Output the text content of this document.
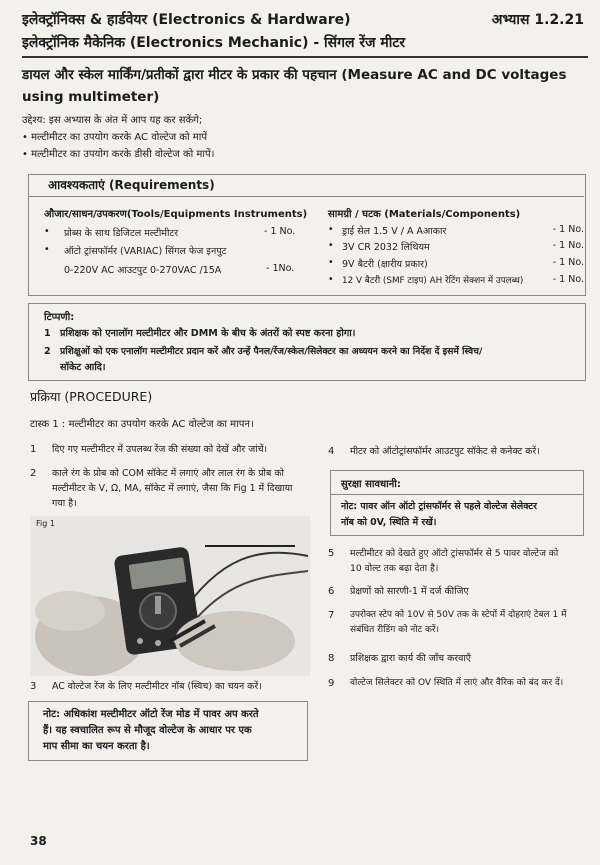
इलेक्ट्रॉनिक्स & हार्डवेयर (Electronics & Hardware)	अभ्यास 1.2.21
इलेक्ट्रॉनिक मैकेनिक (Electronics Mechanic) - सिंगल रेंज मीटर
डायल और स्केल मार्किंग/प्रतीकों द्वारा मीटर के प्रकार की पहचान (Measure AC and DC voltages
using multimeter)
उद्देश्य: इस अभ्यास के अंत में आप यह कर सकेंगे;
• मल्टीमीटर का उपयोग करके AC वोल्टेज को मापें
• मल्टीमीटर का उपयोग करके डीसी वोल्टेज को मापें।
आवश्यकताएं (Requirements)
औजार/साधन/उपकरण(Tools/Equipments Instruments) सामग्री / घटक (Materials/Components)
• प्रोब्स के साथ डिजिटल मल्टीमीटर	- 1 No.
• ऑटो ट्रांसफॉर्मर (VARIAC) सिंगल फेज इनपुट
0-220V AC आउटपुट 0-270VAC /15A	- 1No.
• ड्राई सेल 1.5 V / A Aआकार	- 1 No.
• 3V CR 2032 लिथियम	- 1 No.
• 9V बैटरी (क्षारीय प्रकार)	- 1 No.
• 12 V बैटरी (SMF टाइप) AH रेटिंग सेक्शन में उपलब्ध)	- 1 No.
टिप्पणी:
1 प्रशिक्षक को एनालॉग मल्टीमीटर और DMM के बीच के अंतरों को स्पष्ट करना होगा।
2 प्रशिक्षुओं को एक एनालॉग मल्टीमीटर प्रदान करें और उन्हें पैनल/रेंज/स्केल/सिलेक्टर का अध्ययन करने का निर्देश दें इसमें स्विच/
सॉकेट आदि।
प्रक्रिया (PROCEDURE)
टास्क 1 : मल्टीमीटर का उपयोग करके AC वोल्टेज का मापन।
1 दिए गए मल्टीमीटर में उपलब्ध रेंज की संख्या को देखें और जांचें।
2 काले रंग के प्रोब को COM सॉकेट में लगाएं और लाल रंग के प्रोब को
मल्टीमीटर के V, Ω, MA, सॉकेट में लगाएं, जैसा कि Fig 1 में दिखाया
गया है।
Fig 1
3 AC वोल्टेज रेंज के लिए मल्टीमीटर नॉब (स्विच) का चयन करें।
नोट: अधिकांश मल्टीमीटर ऑटो रेंज मोड में पावर अप करते
हैं। यह स्वचालित रूप से मौजूद वोल्टेज के आधार पर एक
माप सीमा का चयन करता है।
4 मीटर को ऑटोट्रांसफॉर्मर आउटपुट सॉकेट से कनेक्ट करें।
सुरक्षा सावधानी:
नोट: पावर ऑन ऑटो ट्रांसफॉर्मर से पहले वोल्टेज सेलेक्टर
नॉब को 0V, स्थिति में रखें।
5 मल्टीमीटर को देखते हुए ऑटो ट्रांसफॉर्मर से 5 पावर वोल्टेज को
10 वोल्ट तक बढ़ा देता है।
6 प्रेक्षणों को सारणी-1 में दर्ज कीजिए
7 उपरोक्त स्टेप को 10V से 50V तक के स्टेपों में दोहराएं टेबल 1 में
संबंधित रीडिंग को नोट करें।
8 प्रशिक्षक द्वारा कार्य की जाँच करवाएँ
9 वोल्टेज सिलेक्टर को OV स्थिति में लाएं और वैरिक को बंद कर दें।
38
